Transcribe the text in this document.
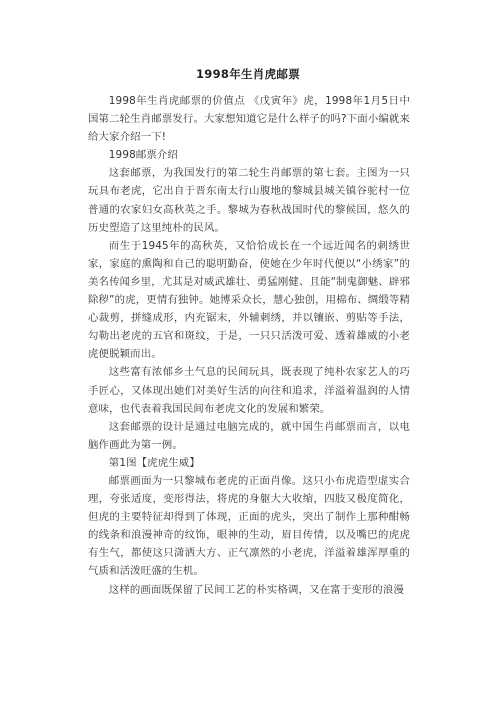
1998年生肖虎邮票

1998年生肖虎邮票的价值点 《戊寅年》虎，1998年1月5日中国第二轮生肖邮票发行。大家想知道它是什么样子的吗?下面小编就来给大家介绍一下!

1998邮票介绍

这套邮票，为我国发行的第二轮生肖邮票的第七套。主图为一只玩具布老虎，它出自于晋东南太行山腹地的黎城县城关镇谷驼村一位普通的农家妇女高秋英之手。黎城为春秋战国时代的黎候国，悠久的历史塑造了这里纯朴的民风。

而生于1945年的高秋英，又恰恰成长在一个远近闻名的刺绣世家，家庭的熏陶和自己的聪明勤奋，使她在少年时代便以“小绣家”的美名传闻乡里，尤其是对威武雄壮、勇猛刚健、且能“制鬼御魅、辟邪除秽”的虎，更情有独钟。她博采众长，慧心独创，用棉布、绸缎等精心裁剪，拼缝成形，内充锯末，外辅刺绣，并以镶嵌、剪贴等手法，勾勒出老虎的五官和斑纹，于是，一只只活泼可爱、透着雄威的小老虎便脱颖而出。

这些富有浓郁乡土气息的民间玩具，既表现了纯朴农家艺人的巧手匠心，又体现出她们对美好生活的向往和追求，洋溢着温润的人情意味，也代表着我国民间布老虎文化的发展和繁荣。

这套邮票的设计是通过电脑完成的，就中国生肖邮票而言，以电脑作画此为第一例。

第1图【虎虎生威】

邮票画面为一只黎城布老虎的正面肖像。这只小布虎造型虚实合理，夸张适度，变形得法，将虎的身躯大大收缩，四肢又极度简化，但虎的主要特征却得到了体现，正面的虎头，突出了制作上那种酣畅的线条和浪漫神奇的纹饰，眼神的生动，眉目传情，以及嘴巴的虎虎有生气，都使这只潇洒大方、正气凛然的小老虎，洋溢着雄浑厚重的气质和活泼旺盛的生机。

这样的画面既保留了民间工艺的朴实格调，又在富于变形的浪漫
